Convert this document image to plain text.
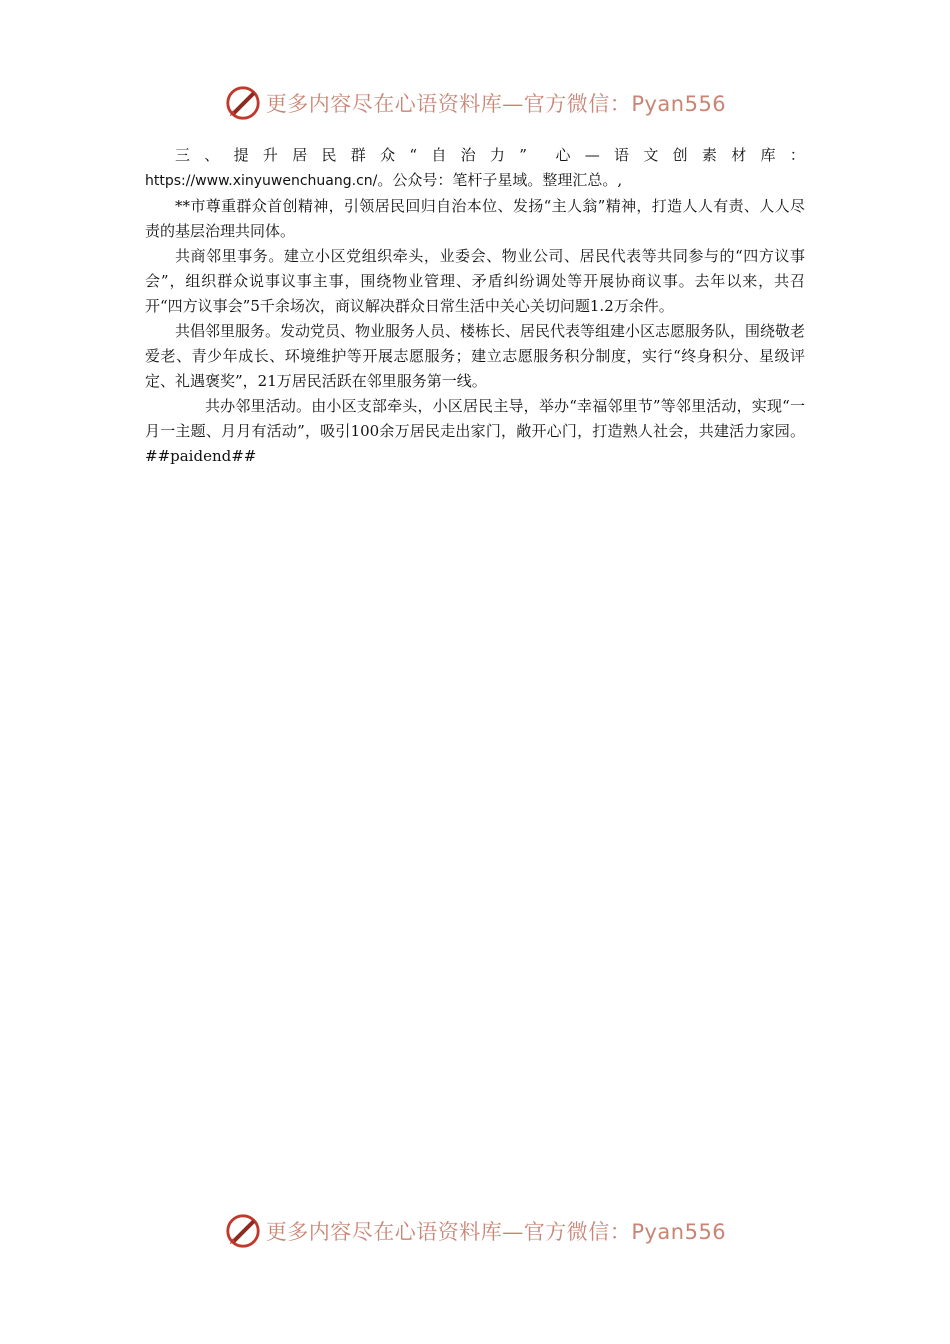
更多内容尽在心语资料库—官方微信：Pyan556

三 、 提 升 居 民 群 众 “ 自 治 力 ” 心 — 语 文 创 素 材 库 ：

https://www.xinyuwenchuang.cn/。公众号：笔杆子星域。整理汇总。,

**市尊重群众首创精神，引领居民回归自治本位、发扬“主人翁”精神，打造人人有责、人人尽责的基层治理共同体。

共商邻里事务。建立小区党组织牵头，业委会、物业公司、居民代表等共同参与的“四方议事会”，组织群众说事议事主事，围绕物业管理、矛盾纠纷调处等开展协商议事。去年以来，共召开“四方议事会”5千余场次，商议解决群众日常生活中关心关切问题1.2万余件。

共倡邻里服务。发动党员、物业服务人员、楼栋长、居民代表等组建小区志愿服务队，围绕敬老爱老、青少年成长、环境维护等开展志愿服务；建立志愿服务积分制度，实行“终身积分、星级评定、礼遇褒奖”，21万居民活跃在邻里服务第一线。

共办邻里活动。由小区支部牵头，小区居民主导，举办“幸福邻里节”等邻里活动，实现“一月一主题、月月有活动”，吸引100余万居民走出家门，敞开心门，打造熟人社会，共建活力家园。 ##paidend##

更多内容尽在心语资料库—官方微信：Pyan556
